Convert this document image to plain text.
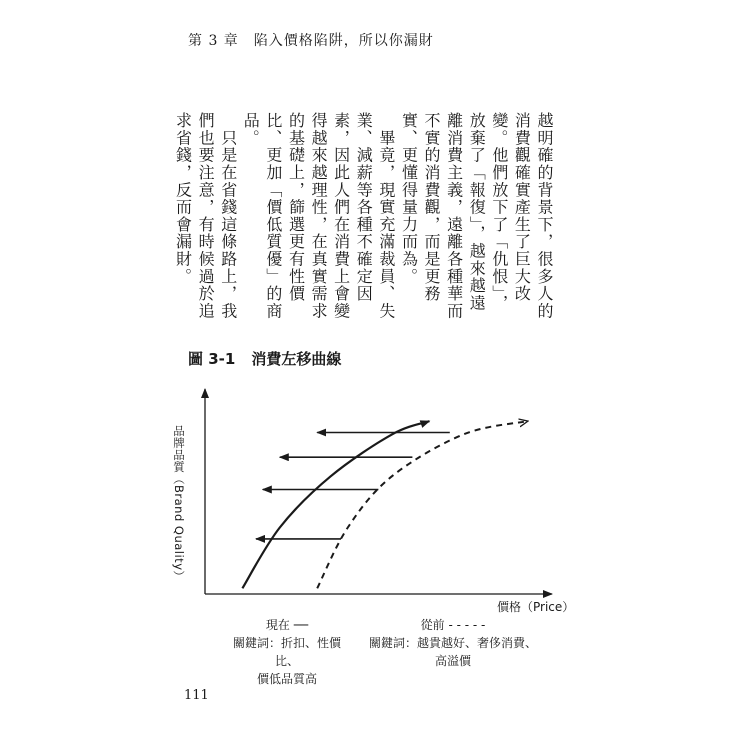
第 3 章　陷入價格陷阱，所以你漏財

越明確的背景下，很多人的消費觀確實產生了巨大改變。他們放下了「仇恨」，放棄了「報復」，越來越遠離消費主義，遠離各種華而不實的消費觀，而是更務實、更懂得量力而為。

　畢竟，現實充滿裁員、失業、減薪等各種不確定因素，因此人們在消費上會變得越來越理性，在真實需求的基礎上，篩選更有性價比、更加「價低質優」的商品。

　只是在省錢這條路上，我們也要注意，有時候過於追求省錢，反而會漏財。

圖 3-1 消費左移曲線
品牌品質（Brand Quality）
價格（Price）
現在 ──
關鍵詞：折扣、性價比、
價低品質高
從前 - - - - -
關鍵詞：越貴越好、奢侈消費、
高溢價
111
